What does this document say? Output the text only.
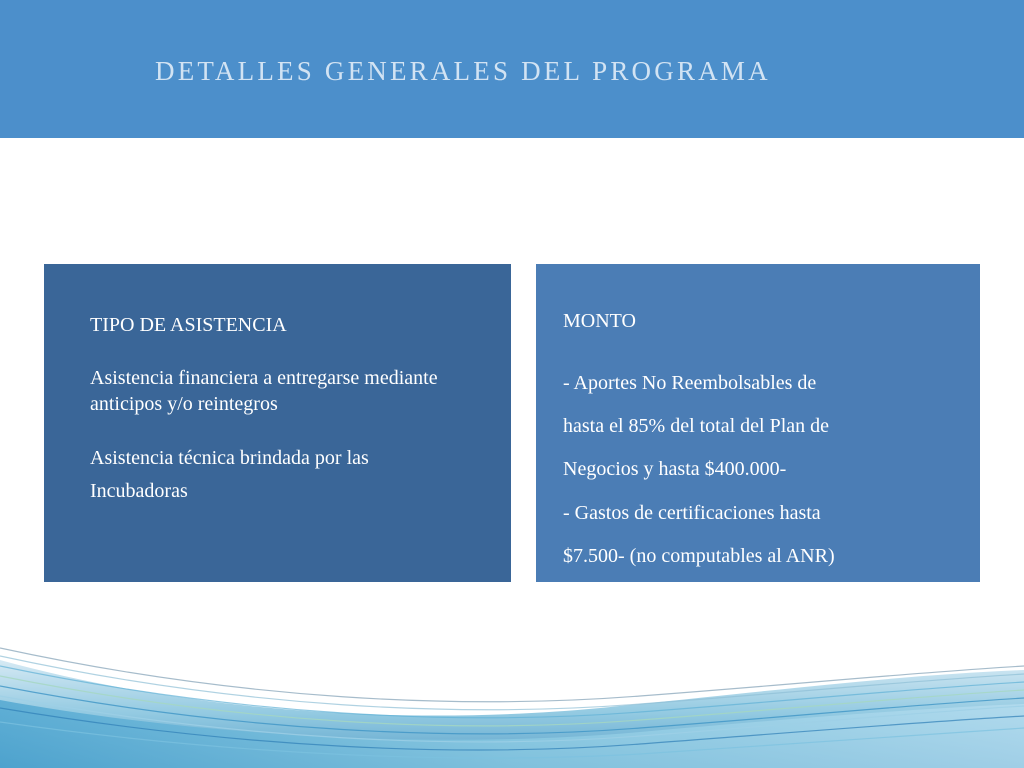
DETALLES GENERALES DEL PROGRAMA

TIPO DE ASISTENCIA

Asistencia financiera a entregarse mediante anticipos y/o reintegros

Asistencia técnica brindada por las Incubadoras

MONTO

- Aportes No Reembolsables de

hasta el 85% del total del Plan de

Negocios y hasta $400.000-

- Gastos de certificaciones hasta

$7.500- (no computables al ANR)
